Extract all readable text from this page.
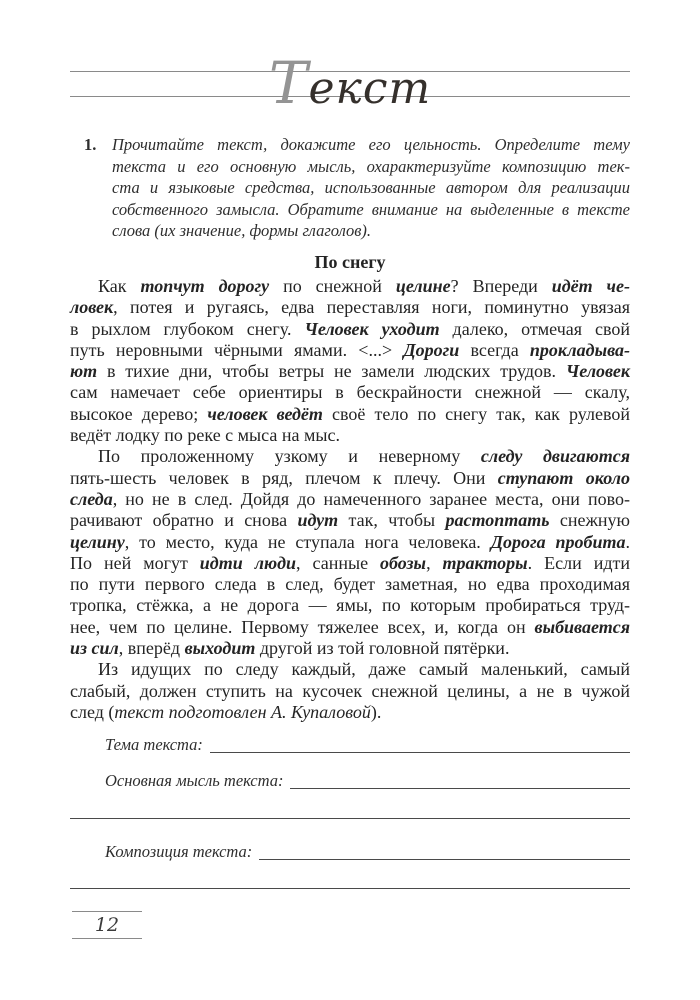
Текст
1. Прочитайте текст, докажите его цельность. Определите тему
текста и его основную мысль, охарактеризуйте композицию тек-
ста и языковые средства, использованные автором для реализации
собственного замысла. Обратите внимание на выделенные в тексте
слова (их значение, формы глаголов).
По снегу
Как топчут дорогу по снежной целине? Впереди идёт че-
ловек, потея и ругаясь, едва переставляя ноги, поминутно увязая
в рыхлом глубоком снегу. Человек уходит далеко, отмечая свой
путь неровными чёрными ямами. <...> Дороги всегда прокладыва-
ют в тихие дни, чтобы ветры не замели людских трудов. Человек
сам намечает себе ориентиры в бескрайности снежной — скалу,
высокое дерево; человек ведёт своё тело по снегу так, как рулевой
ведёт лодку по реке с мыса на мыс.
По проложенному узкому и неверному следу двигаются
пять-шесть человек в ряд, плечом к плечу. Они ступают около
следа, но не в след. Дойдя до намеченного заранее места, они пово-
рачивают обратно и снова идут так, чтобы растоптать снежную
целину, то место, куда не ступала нога человека. Дорога пробита.
По ней могут идти люди, санные обозы, тракторы. Если идти
по пути первого следа в след, будет заметная, но едва проходимая
тропка, стёжка, а не дорога — ямы, по которым пробираться труд-
нее, чем по целине. Первому тяжелее всех, и, когда он выбивается
из сил, вперёд выходит другой из той головной пятёрки.
Из идущих по следу каждый, даже самый маленький, самый
слабый, должен ступить на кусочек снежной целины, а не в чужой
след (текст подготовлен А. Купаловой).
Тема текста:
Основная мысль текста:
Композиция текста:
12
